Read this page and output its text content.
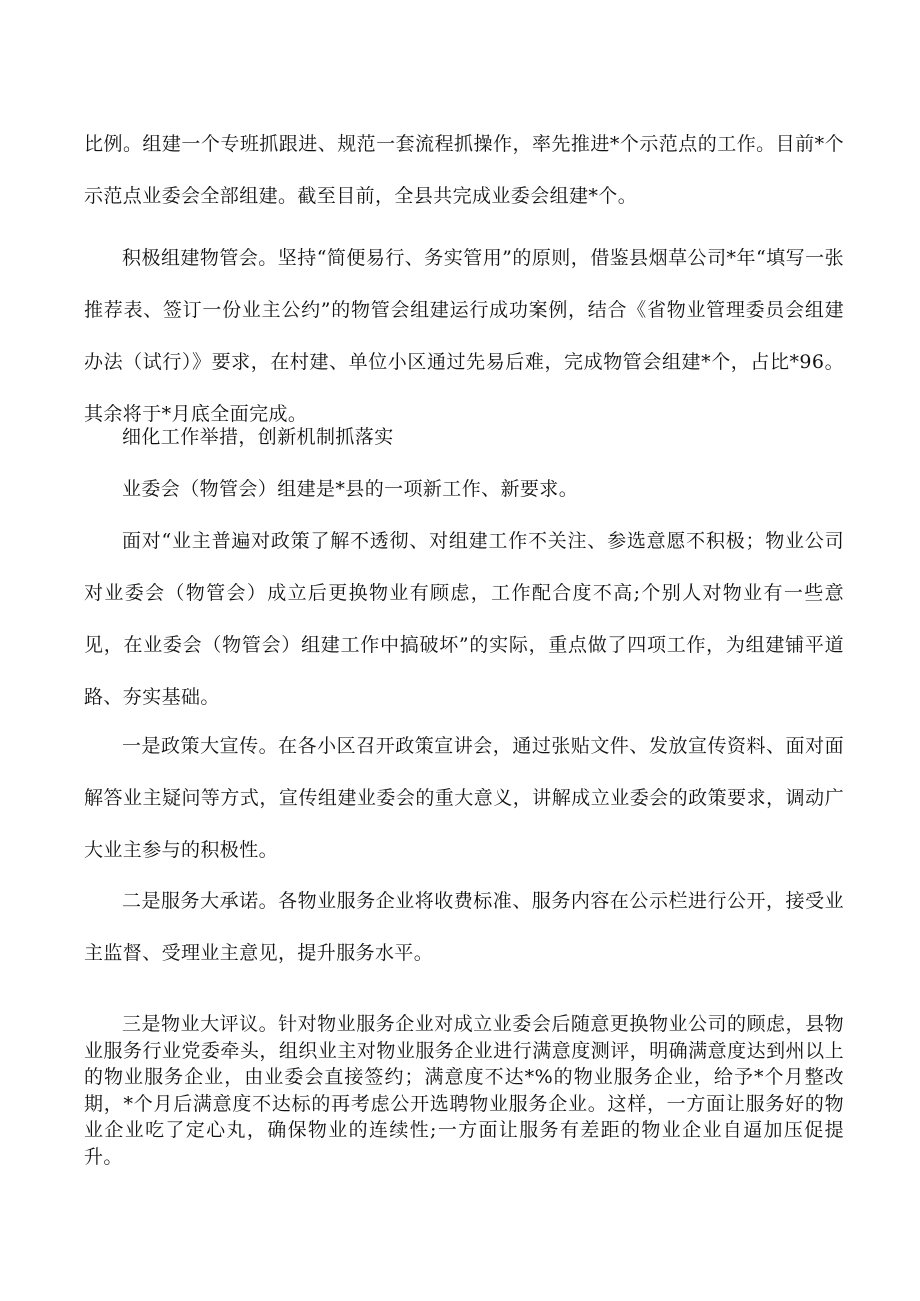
比例。组建一个专班抓跟进、规范一套流程抓操作，率先推进*个示范点的工作。目前*个示范点业委会全部组建。截至目前，全县共完成业委会组建*个。

积极组建物管会。坚持“简便易行、务实管用”的原则，借鉴县烟草公司*年“填写一张推荐表、签订一份业主公约”的物管会组建运行成功案例，结合《省物业管理委员会组建办法（试行）》要求，在村建、单位小区通过先易后难，完成物管会组建*个，占比*96。其余将于*月底全面完成。

细化工作举措，创新机制抓落实

业委会（物管会）组建是*县的一项新工作、新要求。

面对“业主普遍对政策了解不透彻、对组建工作不关注、参选意愿不积极；物业公司对业委会（物管会）成立后更换物业有顾虑，工作配合度不高;个别人对物业有一些意见，在业委会（物管会）组建工作中搞破坏”的实际，重点做了四项工作，为组建铺平道路、夯实基础。

一是政策大宣传。在各小区召开政策宣讲会，通过张贴文件、发放宣传资料、面对面解答业主疑问等方式，宣传组建业委会的重大意义，讲解成立业委会的政策要求，调动广大业主参与的积极性。

二是服务大承诺。各物业服务企业将收费标准、服务内容在公示栏进行公开，接受业主监督、受理业主意见，提升服务水平。

三是物业大评议。针对物业服务企业对成立业委会后随意更换物业公司的顾虑，县物业服务行业党委牵头，组织业主对物业服务企业进行满意度测评，明确满意度达到州以上的物业服务企业，由业委会直接签约；满意度不达*%的物业服务企业，给予*个月整改期，*个月后满意度不达标的再考虑公开选聘物业服务企业。这样，一方面让服务好的物业企业吃了定心丸，确保物业的连续性;一方面让服务有差距的物业企业自逼加压促提升。
